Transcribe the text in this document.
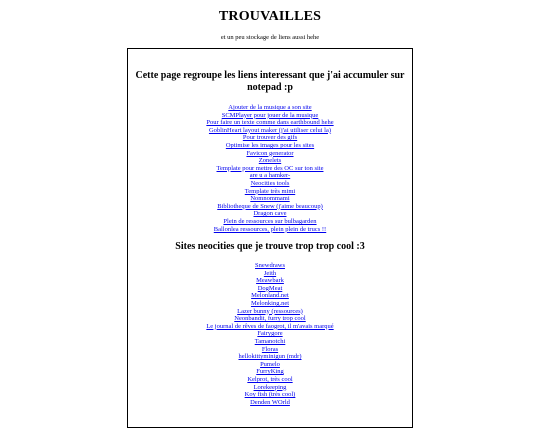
TROUVAILLES

et un peu stockage de liens aussi hehe

Cette page regroupe les liens interessant que j'ai accumuler sur notepad :p
Ajouter de la musique a son site
SCMPlayer pour jouer de la musique
Pour faire un texte comme dans earthbound hehe
GoblinHeart layout maker (j'ai utiliser celui la)
Pour trouver des gifs
Optimise les images pour les sites
Favicon generator
Zonelets
Template pour mettre des OC sur ton site
are u a hamker-
Neocities tools
Template très mimi
Nomnommami
Bibliotheque de Snew (j'aime beaucoup)
Dragon cave
Plein de ressources sur bulbagarden
Ballonlea ressources, plein plein de trucs !!
Sites neocities que je trouve trop trop cool :3
Snewdraws
Jeith
Meawbark
DogMeat
Melonland.net
Melonking.net
Lazer bunny (ressources)
Neonbandit, furry trop cool
Le journal de rêves de faogrot, il m'avais marqué
Fairygore
Tamanotchi
Floras
hellokittyminigun (mdr)
Pumelo
FurryKing
Kelprot, très cool
Lorekeeping
Koy fish (très cool)
Denden WOrld
